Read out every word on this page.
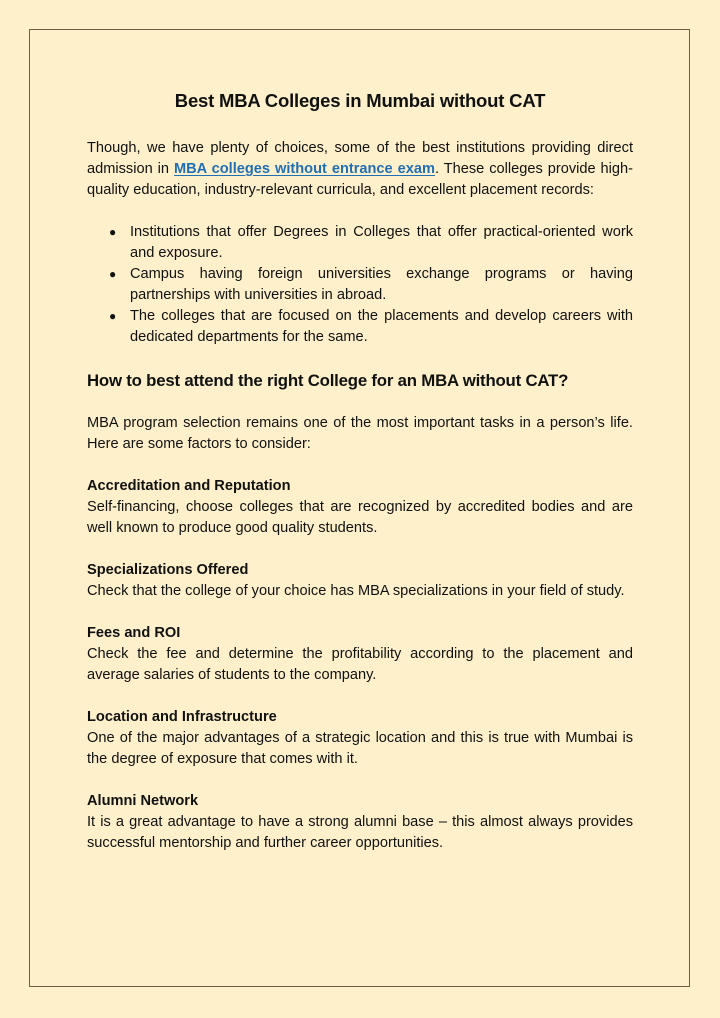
Best MBA Colleges in Mumbai without CAT

Though, we have plenty of choices, some of the best institutions providing direct admission in MBA colleges without entrance exam. These colleges provide high-quality education, industry-relevant curricula, and excellent placement records:

● Institutions that offer Degrees in Colleges that offer practical-oriented work and exposure.
● Campus having foreign universities exchange programs or having partnerships with universities in abroad.
● The colleges that are focused on the placements and develop careers with dedicated departments for the same.
How to best attend the right College for an MBA without CAT?

MBA program selection remains one of the most important tasks in a person’s life. Here are some factors to consider:

Accreditation and Reputation

Self-financing, choose colleges that are recognized by accredited bodies and are well known to produce good quality students.

Specializations Offered

Check that the college of your choice has MBA specializations in your field of study.

Fees and ROI

Check the fee and determine the profitability according to the placement and average salaries of students to the company.

Location and Infrastructure

One of the major advantages of a strategic location and this is true with Mumbai is the degree of exposure that comes with it.

Alumni Network

It is a great advantage to have a strong alumni base – this almost always provides successful mentorship and further career opportunities.
